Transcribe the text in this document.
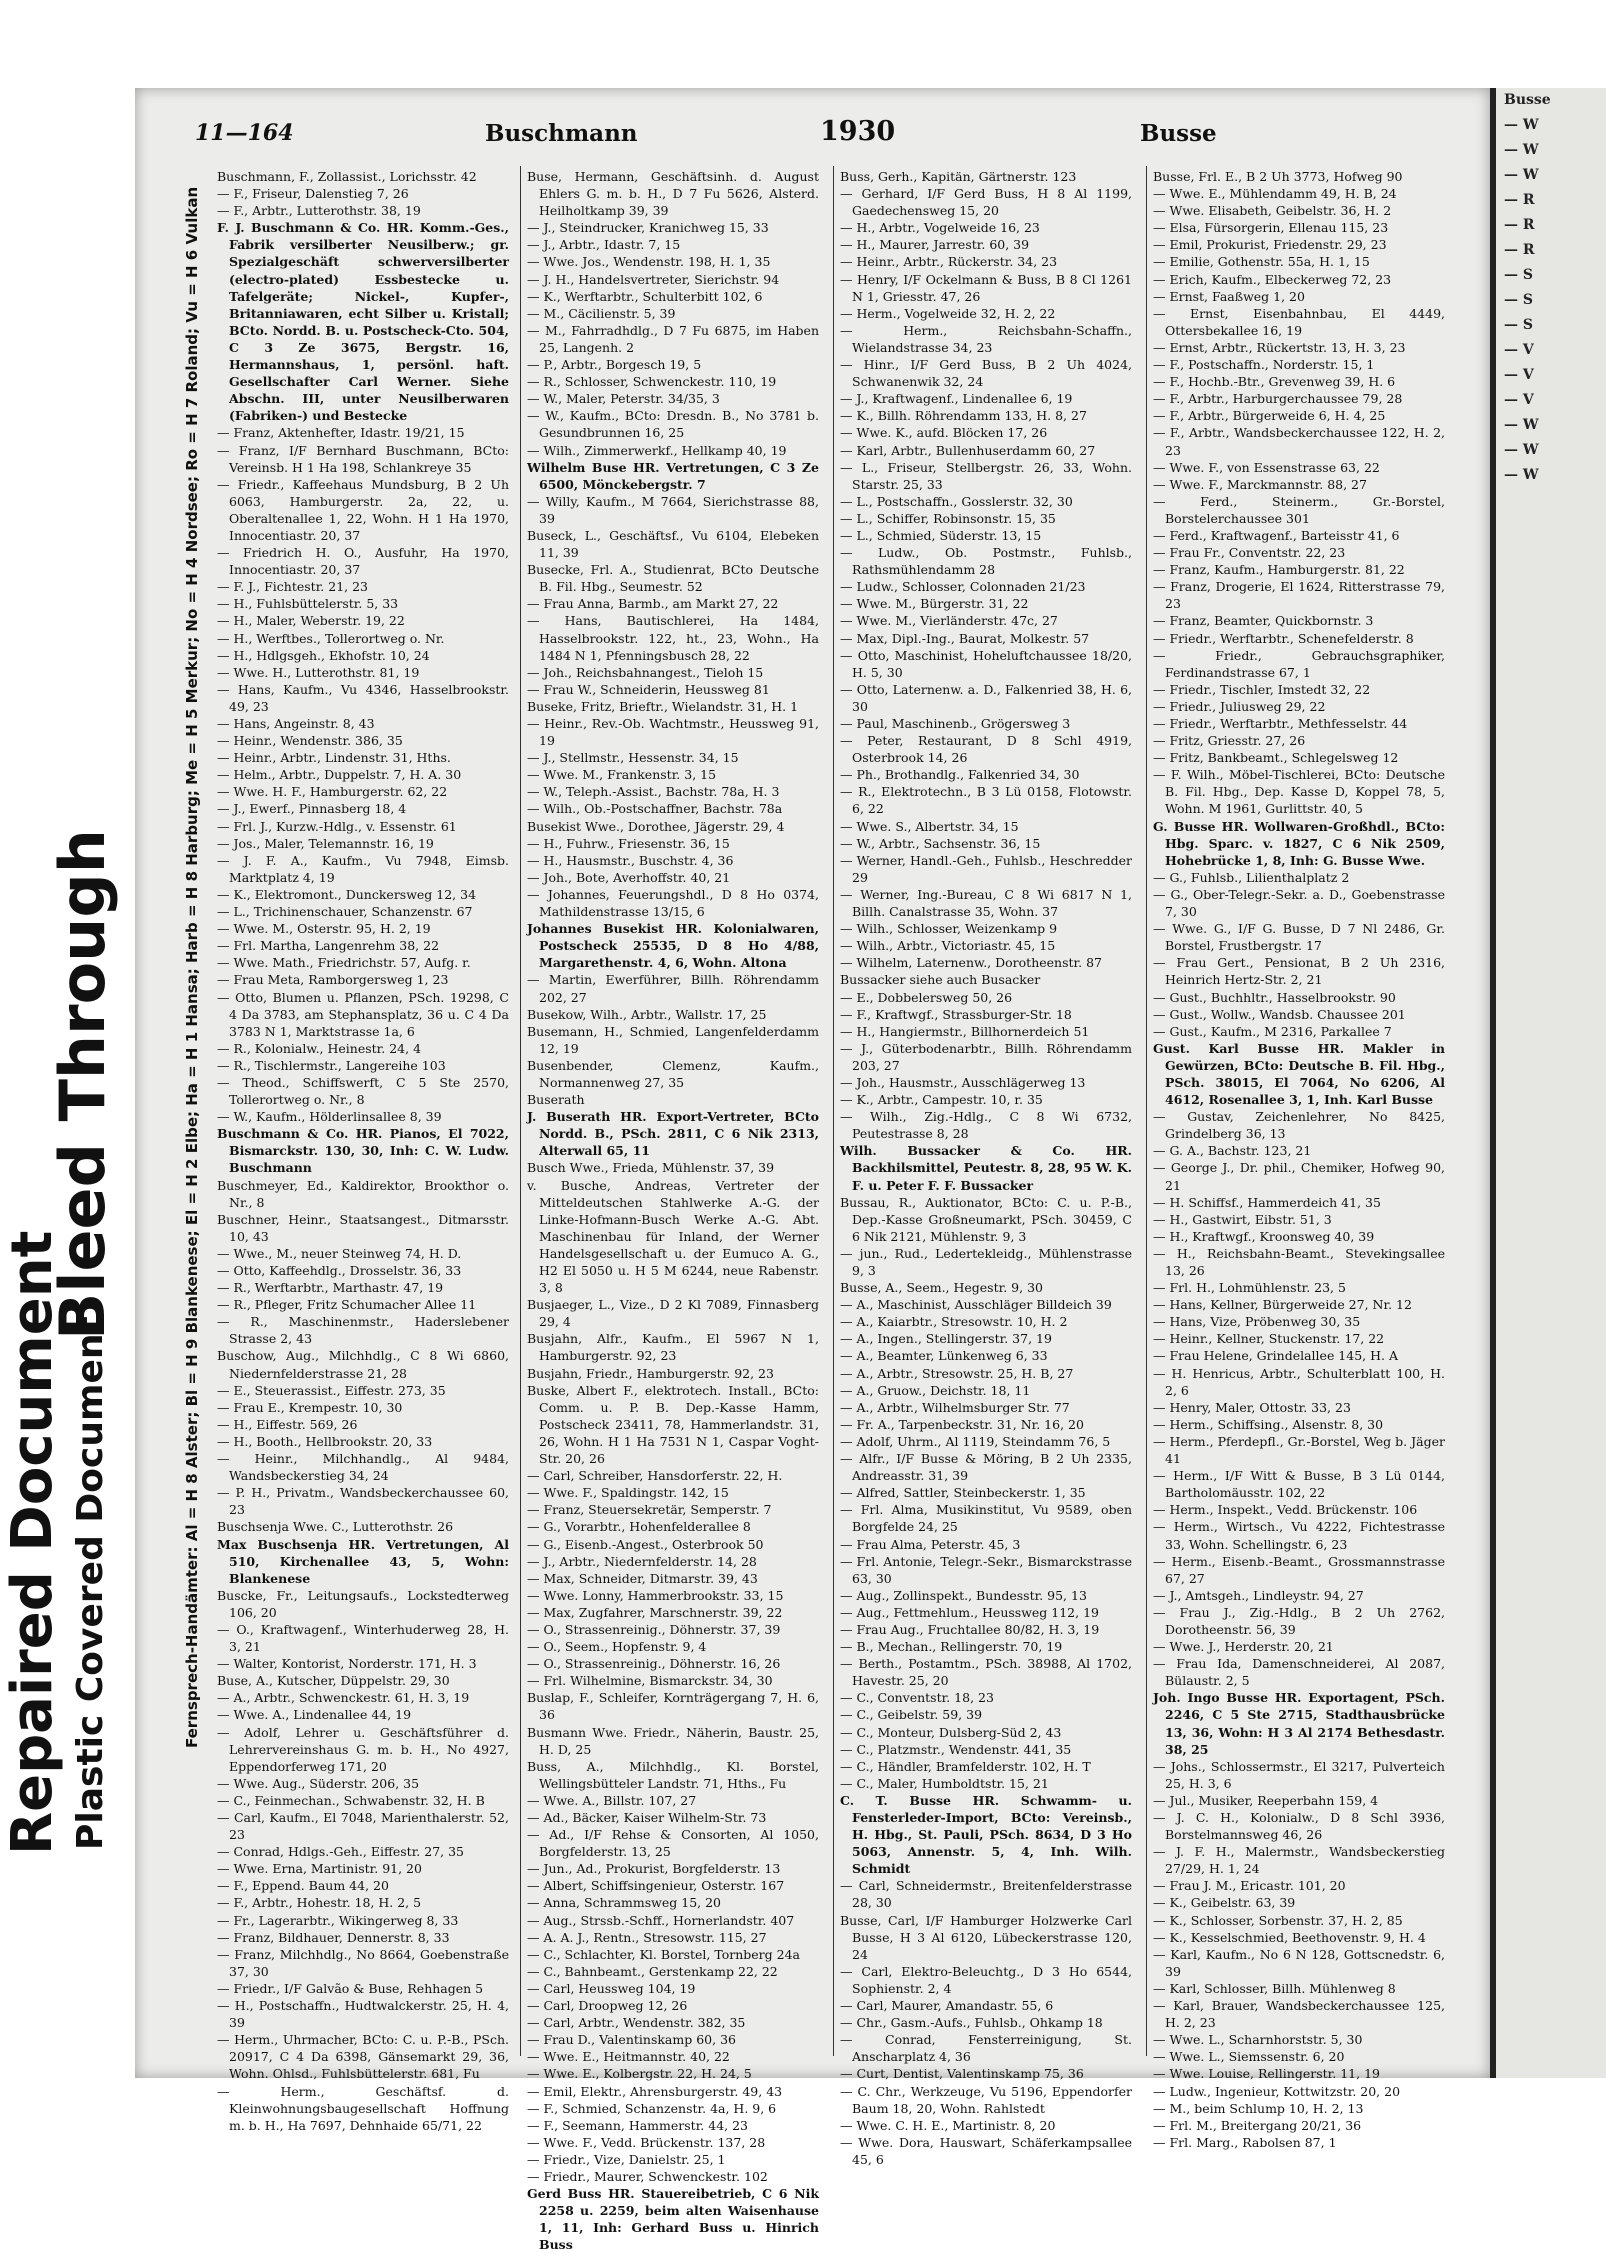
Repaired Document
Bleed Through
Plastic Covered Document
11—164	Buschmann	1930	Busse
Fernsprech-Handämter: Al = H 8 Alster; Bl = H 9 Blankenese; El = H 2 Elbe; Ha = H 1 Hansa; Harb = H 8 Harburg; Me = H 5 Merkur; No = H 4 Nordsee; Ro = H 7 Roland; Vu = H 6 Vulkan

Buschmann, F., Zollassist., Lorichsstr. 42

— F., Friseur, Dalenstieg 7, 26

— F., Arbtr., Lutterothstr. 38, 19

F. J. Buschmann & Co. HR. Komm.-Ges., Fabrik versilberter Neusilberw.; gr. Spezialgeschäft schwerversilberter (electro-plated) Essbestecke u. Tafelgeräte; Nickel-, Kupfer-, Britanniawaren, echt Silber u. Kristall; BCto. Nordd. B. u. Postscheck-Cto. 504, C 3 Ze 3675, Bergstr. 16, Hermannshaus, 1, persönl. haft. Gesellschafter Carl Werner. Siehe Abschn. III, unter Neusilberwaren (Fabriken-) und Bestecke

— Franz, Aktenhefter, Idastr. 19/21, 15

— Franz, I/F Bernhard Buschmann, BCto: Vereinsb. H 1 Ha 198, Schlankreye 35

— Friedr., Kaffeehaus Mundsburg, B 2 Uh 6063, Hamburgerstr. 2a, 22, u. Oberaltenallee 1, 22, Wohn. H 1 Ha 1970, Innocentiastr. 20, 37

— Friedrich H. O., Ausfuhr, Ha 1970, Innocentiastr. 20, 37

— F. J., Fichtestr. 21, 23

— H., Fuhlsbüttelerstr. 5, 33

— H., Maler, Weberstr. 19, 22

— H., Werftbes., Tollerortweg o. Nr.

— H., Hdlgsgeh., Ekhofstr. 10, 24

— Wwe. H., Lutterothstr. 81, 19

— Hans, Kaufm., Vu 4346, Hasselbrookstr. 49, 23

— Hans, Angeinstr. 8, 43

— Heinr., Wendenstr. 386, 35

— Heinr., Arbtr., Lindenstr. 31, Hths.

— Helm., Arbtr., Duppelstr. 7, H. A. 30

— Wwe. H. F., Hamburgerstr. 62, 22

— J., Ewerf., Pinnasberg 18, 4

— Frl. J., Kurzw.-Hdlg., v. Essenstr. 61

— Jos., Maler, Telemannstr. 16, 19

— J. F. A., Kaufm., Vu 7948, Eimsb. Marktplatz 4, 19

— K., Elektromont., Dunckersweg 12, 34

— L., Trichinenschauer, Schanzenstr. 67

— Wwe. M., Osterstr. 95, H. 2, 19

— Frl. Martha, Langenrehm 38, 22

— Wwe. Math., Friedrichstr. 57, Aufg. r.

— Frau Meta, Ramborgersweg 1, 23

— Otto, Blumen u. Pflanzen, PSch. 19298, C 4 Da 3783, am Stephansplatz, 36 u. C 4 Da 3783 N 1, Marktstrasse 1a, 6

— R., Kolonialw., Heinestr. 24, 4

— R., Tischlermstr., Langereihe 103

— Theod., Schiffswerft, C 5 Ste 2570, Tollerortweg o. Nr., 8

— W., Kaufm., Hölderlinsallee 8, 39

Buschmann & Co. HR. Pianos, El 7022, Bismarckstr. 130, 30, Inh: C. W. Ludw. Buschmann

Buschmeyer, Ed., Kaldirektor, Brookthor o. Nr., 8

Buschner, Heinr., Staatsangest., Ditmarsstr. 10, 43

— Wwe., M., neuer Steinweg 74, H. D.

— Otto, Kaffeehdlg., Drosselstr. 36, 33

— R., Werftarbtr., Marthastr. 47, 19

— R., Pfleger, Fritz Schumacher Allee 11

— R., Maschinenmstr., Haderslebener Strasse 2, 43

Buschow, Aug., Milchhdlg., C 8 Wi 6860, Niedernfelderstrasse 21, 28

— E., Steuerassist., Eiffestr. 273, 35

— Frau E., Krempestr. 10, 30

— H., Eiffestr. 569, 26

— H., Booth., Hellbrookstr. 20, 33

— Heinr., Milchhandlg., Al 9484, Wandsbeckerstieg 34, 24

— P. H., Privatm., Wandsbeckerchaussee 60, 23

Buschsenja Wwe. C., Lutterothstr. 26

Max Buschsenja HR. Vertretungen, Al 510, Kirchenallee 43, 5, Wohn: Blankenese

Buscke, Fr., Leitungsaufs., Lockstedterweg 106, 20

— O., Kraftwagenf., Winterhuderweg 28, H. 3, 21

— Walter, Kontorist, Norderstr. 171, H. 3

Buse, A., Kutscher, Düppelstr. 29, 30

— A., Arbtr., Schwenckestr. 61, H. 3, 19

— Wwe. A., Lindenallee 44, 19

— Adolf, Lehrer u. Geschäftsführer d. Lehrervereinshaus G. m. b. H., No 4927, Eppendorferweg 171, 20

— Wwe. Aug., Süderstr. 206, 35

— C., Feinmechan., Schwabenstr. 32, H. B

— Carl, Kaufm., El 7048, Marienthalerstr. 52, 23

— Conrad, Hdlgs.-Geh., Eiffestr. 27, 35

— Wwe. Erna, Martinistr. 91, 20

— F., Eppend. Baum 44, 20

— F., Arbtr., Hohestr. 18, H. 2, 5

— Fr., Lagerarbtr., Wikingerweg 8, 33

— Franz, Bildhauer, Dennerstr. 8, 33

— Franz, Milchhdlg., No 8664, Goebenstraße 37, 30

— Friedr., I/F Galvão & Buse, Rehhagen 5

— H., Postschaffn., Hudtwalckerstr. 25, H. 4, 39

— Herm., Uhrmacher, BCto: C. u. P.-B., PSch. 20917, C 4 Da 6398, Gänsemarkt 29, 36, Wohn. Ohlsd., Fuhlsbüttelerstr. 681, Fu

— Herm., Geschäftsf. d. Kleinwohnungsbaugesellschaft Hoffnung m. b. H., Ha 7697, Dehnhaide 65/71, 22

Buse, Hermann, Geschäftsinh. d. August Ehlers G. m. b. H., D 7 Fu 5626, Alsterd. Heilholtkamp 39, 39

— J., Steindrucker, Kranichweg 15, 33

— J., Arbtr., Idastr. 7, 15

— Wwe. Jos., Wendenstr. 198, H. 1, 35

— J. H., Handelsvertreter, Sierichstr. 94

— K., Werftarbtr., Schulterbitt 102, 6

— M., Cäcilienstr. 5, 39

— M., Fahrradhdlg., D 7 Fu 6875, im Haben 25, Langenh. 2

— P., Arbtr., Borgesch 19, 5

— R., Schlosser, Schwenckestr. 110, 19

— W., Maler, Peterstr. 34/35, 3

— W., Kaufm., BCto: Dresdn. B., No 3781 b. Gesundbrunnen 16, 25

— Wilh., Zimmerwerkf., Hellkamp 40, 19

Wilhelm Buse HR. Vertretungen, C 3 Ze 6500, Mönckebergstr. 7

— Willy, Kaufm., M 7664, Sierichstrasse 88, 39

Buseck, L., Geschäftsf., Vu 6104, Elebeken 11, 39

Busecke, Frl. A., Studienrat, BCto Deutsche B. Fil. Hbg., Seumestr. 52

— Frau Anna, Barmb., am Markt 27, 22

— Hans, Bautischlerei, Ha 1484, Hasselbrookstr. 122, ht., 23, Wohn., Ha 1484 N 1, Pfenningsbusch 28, 22

— Joh., Reichsbahnangest., Tieloh 15

— Frau W., Schneiderin, Heussweg 81

Buseke, Fritz, Brieftr., Wielandstr. 31, H. 1

— Heinr., Rev.-Ob. Wachtmstr., Heussweg 91, 19

— J., Stellmstr., Hessenstr. 34, 15

— Wwe. M., Frankenstr. 3, 15

— W., Teleph.-Assist., Bachstr. 78a, H. 3

— Wilh., Ob.-Postschaffner, Bachstr. 78a

Busekist Wwe., Dorothee, Jägerstr. 29, 4

— H., Fuhrw., Friesenstr. 36, 15

— H., Hausmstr., Buschstr. 4, 36

— Joh., Bote, Averhoffstr. 40, 21

— Johannes, Feuerungshdl., D 8 Ho 0374, Mathildenstrasse 13/15, 6

Johannes Busekist HR. Kolonialwaren, Postscheck 25535, D 8 Ho 4/88, Margarethenstr. 4, 6, Wohn. Altona

— Martin, Ewerführer, Billh. Röhrendamm 202, 27

Busekow, Wilh., Arbtr., Wallstr. 17, 25

Busemann, H., Schmied, Langenfelderdamm 12, 19

Busenbender, Clemenz, Kaufm., Normannenweg 27, 35

Buserath

J. Buserath HR. Export-Vertreter, BCto Nordd. B., PSch. 2811, C 6 Nik 2313, Alterwall 65, 11

Busch Wwe., Frieda, Mühlenstr. 37, 39

v. Busche, Andreas, Vertreter der Mitteldeutschen Stahlwerke A.-G. der Linke-Hofmann-Busch Werke A.-G. Abt. Maschinenbau für Inland, der Werner Handelsgesellschaft u. der Eumuco A. G., H2 El 5050 u. H 5 M 6244, neue Rabenstr. 3, 8

Busjaeger, L., Vize., D 2 Kl 7089, Finnasberg 29, 4

Busjahn, Alfr., Kaufm., El 5967 N 1, Hamburgerstr. 92, 23

Busjahn, Friedr., Hamburgerstr. 92, 23

Buske, Albert F., elektrotech. Install., BCto: Comm. u. P. B. Dep.-Kasse Hamm, Postscheck 23411, 78, Hammerlandstr. 31, 26, Wohn. H 1 Ha 7531 N 1, Caspar Voght-Str. 20, 26

— Carl, Schreiber, Hansdorferstr. 22, H.

— Wwe. F., Spaldingstr. 142, 15

— Franz, Steuersekretär, Semperstr. 7

— G., Vorarbtr., Hohenfelderallee 8

— G., Eisenb.-Angest., Osterbrook 50

— J., Arbtr., Niedernfelderstr. 14, 28

— Max, Schneider, Ditmarstr. 39, 43

— Wwe. Lonny, Hammerbrookstr. 33, 15

— Max, Zugfahrer, Marschnerstr. 39, 22

— O., Strassenreinig., Döhnerstr. 37, 39

— O., Seem., Hopfenstr. 9, 4

— O., Strassenreinig., Döhnerstr. 16, 26

— Frl. Wilhelmine, Bismarckstr. 34, 30

Buslap, F., Schleifer, Kornträgergang 7, H. 6, 36

Busmann Wwe. Friedr., Näherin, Baustr. 25, H. D, 25

Buss, A., Milchhdlg., Kl. Borstel, Wellingsbütteler Landstr. 71, Hths., Fu

— Wwe. A., Billstr. 107, 27

— Ad., Bäcker, Kaiser Wilhelm-Str. 73

— Ad., I/F Rehse & Consorten, Al 1050, Borgfelderstr. 13, 25

— Jun., Ad., Prokurist, Borgfelderstr. 13

— Albert, Schiffsingenieur, Osterstr. 167

— Anna, Schrammsweg 15, 20

— Aug., Strssb.-Schff., Hornerlandstr. 407

— A. A. J., Rentn., Stresowstr. 115, 27

— C., Schlachter, Kl. Borstel, Tornberg 24a

— C., Bahnbeamt., Gerstenkamp 22, 22

— Carl, Heussweg 104, 19

— Carl, Droopweg 12, 26

— Carl, Arbtr., Wendenstr. 382, 35

— Frau D., Valentinskamp 60, 36

— Wwe. E., Heitmannstr. 40, 22

— Wwe. E., Kolbergstr. 22, H. 24, 5

— Emil, Elektr., Ahrensburgerstr. 49, 43

— F., Schmied, Schanzenstr. 4a, H. 9, 6

— F., Seemann, Hammerstr. 44, 23

— Wwe. F., Vedd. Brückenstr. 137, 28

— Friedr., Vize, Danielstr. 25, 1

— Friedr., Maurer, Schwenckestr. 102

Gerd Buss HR. Stauereibetrieb, C 6 Nik 2258 u. 2259, beim alten Waisenhause 1, 11, Inh: Gerhard Buss u. Hinrich Buss

Buss, Gerh., Kapitän, Gärtnerstr. 123

— Gerhard, I/F Gerd Buss, H 8 Al 1199, Gaedechensweg 15, 20

— H., Arbtr., Vogelweide 16, 23

— H., Maurer, Jarrestr. 60, 39

— Heinr., Arbtr., Rückerstr. 34, 23

— Henry, I/F Ockelmann & Buss, B 8 Cl 1261 N 1, Griesstr. 47, 26

— Herm., Vogelweide 32, H. 2, 22

— Herm., Reichsbahn-Schaffn., Wielandstrasse 34, 23

— Hinr., I/F Gerd Buss, B 2 Uh 4024, Schwanenwik 32, 24

— J., Kraftwagenf., Lindenallee 6, 19

— K., Billh. Röhrendamm 133, H. 8, 27

— Wwe. K., aufd. Blöcken 17, 26

— Karl, Arbtr., Bullenhuserdamm 60, 27

— L., Friseur, Stellbergstr. 26, 33, Wohn. Starstr. 25, 33

— L., Postschaffn., Gosslerstr. 32, 30

— L., Schiffer, Robinsonstr. 15, 35

— L., Schmied, Süderstr. 13, 15

— Ludw., Ob. Postmstr., Fuhlsb., Rathsmühlendamm 28

— Ludw., Schlosser, Colonnaden 21/23

— Wwe. M., Bürgerstr. 31, 22

— Wwe. M., Vierländerstr. 47c, 27

— Max, Dipl.-Ing., Baurat, Molkestr. 57

— Otto, Maschinist, Hoheluftchaussee 18/20, H. 5, 30

— Otto, Laternenw. a. D., Falkenried 38, H. 6, 30

— Paul, Maschinenb., Grögersweg 3

— Peter, Restaurant, D 8 Schl 4919, Osterbrook 14, 26

— Ph., Brothandlg., Falkenried 34, 30

— R., Elektrotechn., B 3 Lü 0158, Flotowstr. 6, 22

— Wwe. S., Albertstr. 34, 15

— W., Arbtr., Sachsenstr. 36, 15

— Werner, Handl.-Geh., Fuhlsb., Heschredder 29

— Werner, Ing.-Bureau, C 8 Wi 6817 N 1, Billh. Canalstrasse 35, Wohn. 37

— Wilh., Schlosser, Weizenkamp 9

— Wilh., Arbtr., Victoriastr. 45, 15

— Wilhelm, Laternenw., Dorotheenstr. 87

Bussacker siehe auch Busacker

— E., Dobbelersweg 50, 26

— F., Kraftwgf., Strassburger-Str. 18

— H., Hangiermstr., Billhornerdeich 51

— J., Güterbodenarbtr., Billh. Röhrendamm 203, 27

— Joh., Hausmstr., Ausschlägerweg 13

— K., Arbtr., Campestr. 10, r. 35

— Wilh., Zig.-Hdlg., C 8 Wi 6732, Peutestrasse 8, 28

Wilh. Bussacker & Co. HR. Backhilsmittel, Peutestr. 8, 28, 95 W. K. F. u. Peter F. F. Bussacker

Bussau, R., Auktionator, BCto: C. u. P.-B., Dep.-Kasse Großneumarkt, PSch. 30459, C 6 Nik 2121, Mühlenstr. 9, 3

— jun., Rud., Ledertekleidg., Mühlenstrasse 9, 3

Busse, A., Seem., Hegestr. 9, 30

— A., Maschinist, Ausschläger Billdeich 39

— A., Kaiarbtr., Stresowstr. 10, H. 2

— A., Ingen., Stellingerstr. 37, 19

— A., Beamter, Lünkenweg 6, 33

— A., Arbtr., Stresowstr. 25, H. B, 27

— A., Gruow., Deichstr. 18, 11

— A., Arbtr., Wilhelmsburger Str. 77

— Fr. A., Tarpenbeckstr. 31, Nr. 16, 20

— Adolf, Uhrm., Al 1119, Steindamm 76, 5

— Alfr., I/F Busse & Möring, B 2 Uh 2335, Andreasstr. 31, 39

— Alfred, Sattler, Steinbeckerstr. 1, 35

— Frl. Alma, Musikinstitut, Vu 9589, oben Borgfelde 24, 25

— Frau Alma, Peterstr. 45, 3

— Frl. Antonie, Telegr.-Sekr., Bismarckstrasse 63, 30

— Aug., Zollinspekt., Bundesstr. 95, 13

— Aug., Fettmehlum., Heussweg 112, 19

— Frau Aug., Fruchtallee 80/82, H. 3, 19

— B., Mechan., Rellingerstr. 70, 19

— Berth., Postamtm., PSch. 38988, Al 1702, Havestr. 25, 20

— C., Conventstr. 18, 23

— C., Geibelstr. 59, 39

— C., Monteur, Dulsberg-Süd 2, 43

— C., Platzmstr., Wendenstr. 441, 35

— C., Händler, Bramfelderstr. 102, H. T

— C., Maler, Humboldtstr. 15, 21

C. T. Busse HR. Schwamm- u. Fensterleder-Import, BCto: Vereinsb., H. Hbg., St. Pauli, PSch. 8634, D 3 Ho 5063, Annenstr. 5, 4, Inh. Wilh. Schmidt

— Carl, Schneidermstr., Breitenfelderstrasse 28, 30

Busse, Carl, I/F Hamburger Holzwerke Carl Busse, H 3 Al 6120, Lübeckerstrasse 120, 24

— Carl, Elektro-Beleuchtg., D 3 Ho 6544, Sophienstr. 2, 4

— Carl, Maurer, Amandastr. 55, 6

— Chr., Gasm.-Aufs., Fuhlsb., Ohkamp 18

— Conrad, Fensterreinigung, St. Anscharplatz 4, 36

— Curt, Dentist, Valentinskamp 75, 36

— C. Chr., Werkzeuge, Vu 5196, Eppendorfer Baum 18, 20, Wohn. Rahlstedt

— Wwe. C. H. E., Martinistr. 8, 20

— Wwe. Dora, Hauswart, Schäferkampsallee 45, 6

Busse, Frl. E., B 2 Uh 3773, Hofweg 90

— Wwe. E., Mühlendamm 49, H. B, 24

— Wwe. Elisabeth, Geibelstr. 36, H. 2

— Elsa, Fürsorgerin, Ellenau 115, 23

— Emil, Prokurist, Friedenstr. 29, 23

— Emilie, Gothenstr. 55a, H. 1, 15

— Erich, Kaufm., Elbeckerweg 72, 23

— Ernst, Faaßweg 1, 20

— Ernst, Eisenbahnbau, El 4449, Ottersbekallee 16, 19

— Ernst, Arbtr., Rückertstr. 13, H. 3, 23

— F., Postschaffn., Norderstr. 15, 1

— F., Hochb.-Btr., Grevenweg 39, H. 6

— F., Arbtr., Harburgerchaussee 79, 28

— F., Arbtr., Bürgerweide 6, H. 4, 25

— F., Arbtr., Wandsbeckerchaussee 122, H. 2, 23

— Wwe. F., von Essenstrasse 63, 22

— Wwe. F., Marckmannstr. 88, 27

— Ferd., Steinerm., Gr.-Borstel, Borstelerchaussee 301

— Ferd., Kraftwagenf., Barteisstr 41, 6

— Frau Fr., Conventstr. 22, 23

— Franz, Kaufm., Hamburgerstr. 81, 22

— Franz, Drogerie, El 1624, Ritterstrasse 79, 23

— Franz, Beamter, Quickbornstr. 3

— Friedr., Werftarbtr., Schenefelderstr. 8

— Friedr., Gebrauchsgraphiker, Ferdinandstrasse 67, 1

— Friedr., Tischler, Imstedt 32, 22

— Friedr., Juliusweg 29, 22

— Friedr., Werftarbtr., Methfesselstr. 44

— Fritz, Griesstr. 27, 26

— Fritz, Bankbeamt., Schlegelsweg 12

— F. Wilh., Möbel-Tischlerei, BCto: Deutsche B. Fil. Hbg., Dep. Kasse D, Koppel 78, 5, Wohn. M 1961, Gurlittstr. 40, 5

G. Busse HR. Wollwaren-Großhdl., BCto: Hbg. Sparc. v. 1827, C 6 Nik 2509, Hohebrücke 1, 8, Inh: G. Busse Wwe.

— G., Fuhlsb., Lilienthalplatz 2

— G., Ober-Telegr.-Sekr. a. D., Goebenstrasse 7, 30

— Wwe. G., I/F G. Busse, D 7 Nl 2486, Gr. Borstel, Frustbergstr. 17

— Frau Gert., Pensionat, B 2 Uh 2316, Heinrich Hertz-Str. 2, 21

— Gust., Buchhltr., Hasselbrookstr. 90

— Gust., Wollw., Wandsb. Chaussee 201

— Gust., Kaufm., M 2316, Parkallee 7

Gust. Karl Busse HR. Makler in Gewürzen, BCto: Deutsche B. Fil. Hbg., PSch. 38015, El 7064, No 6206, Al 4612, Rosenallee 3, 1, Inh. Karl Busse

— Gustav, Zeichenlehrer, No 8425, Grindelberg 36, 13

— G. A., Bachstr. 123, 21

— George J., Dr. phil., Chemiker, Hofweg 90, 21

— H. Schiffsf., Hammerdeich 41, 35

— H., Gastwirt, Eibstr. 51, 3

— H., Kraftwgf., Kroonsweg 40, 39

— H., Reichsbahn-Beamt., Stevekingsallee 13, 26

— Frl. H., Lohmühlenstr. 23, 5

— Hans, Kellner, Bürgerweide 27, Nr. 12

— Hans, Vize, Pröbenweg 30, 35

— Heinr., Kellner, Stuckenstr. 17, 22

— Frau Helene, Grindelallee 145, H. A

— H. Henricus, Arbtr., Schulterblatt 100, H. 2, 6

— Henry, Maler, Ottostr. 33, 23

— Herm., Schiffsing., Alsenstr. 8, 30

— Herm., Pferdepfl., Gr.-Borstel, Weg b. Jäger 41

— Herm., I/F Witt & Busse, B 3 Lü 0144, Bartholomäusstr. 102, 22

— Herm., Inspekt., Vedd. Brückenstr. 106

— Herm., Wirtsch., Vu 4222, Fichtestrasse 33, Wohn. Schellingstr. 6, 23

— Herm., Eisenb.-Beamt., Grossmannstrasse 67, 27

— J., Amtsgeh., Lindleystr. 94, 27

— Frau J., Zig.-Hdlg., B 2 Uh 2762, Dorotheenstr. 56, 39

— Wwe. J., Herderstr. 20, 21

— Frau Ida, Damenschneiderei, Al 2087, Bülaustr. 2, 5

Joh. Ingo Busse HR. Exportagent, PSch. 2246, C 5 Ste 2715, Stadthausbrücke 13, 36, Wohn: H 3 Al 2174 Bethesdastr. 38, 25

— Johs., Schlossermstr., El 3217, Pulverteich 25, H. 3, 6

— Jul., Musiker, Reeperbahn 159, 4

— J. C. H., Kolonialw., D 8 Schl 3936, Borstelmannsweg 46, 26

— J. F. H., Malermstr., Wandsbeckerstieg 27/29, H. 1, 24

— Frau J. M., Ericastr. 101, 20

— K., Geibelstr. 63, 39

— K., Schlosser, Sorbenstr. 37, H. 2, 85

— K., Kesselschmied, Beethovenstr. 9, H. 4

— Karl, Kaufm., No 6 N 128, Gottscnedstr. 6, 39

— Karl, Schlosser, Billh. Mühlenweg 8

— Karl, Brauer, Wandsbeckerchaussee 125, H. 2, 23

— Wwe. L., Scharnhorststr. 5, 30

— Wwe. L., Siemssenstr. 6, 20

— Wwe. Louise, Rellingerstr. 11, 19

— Ludw., Ingenieur, Kottwitzstr. 20, 20

— M., beim Schlump 10, H. 2, 13

— Frl. M., Breitergang 20/21, 36

— Frl. Marg., Rabolsen 87, 1

Busse
— W
— W
— W
— R
— R
— R
— S
— S
— S
— V
— V
— V
— W
— W
— W
